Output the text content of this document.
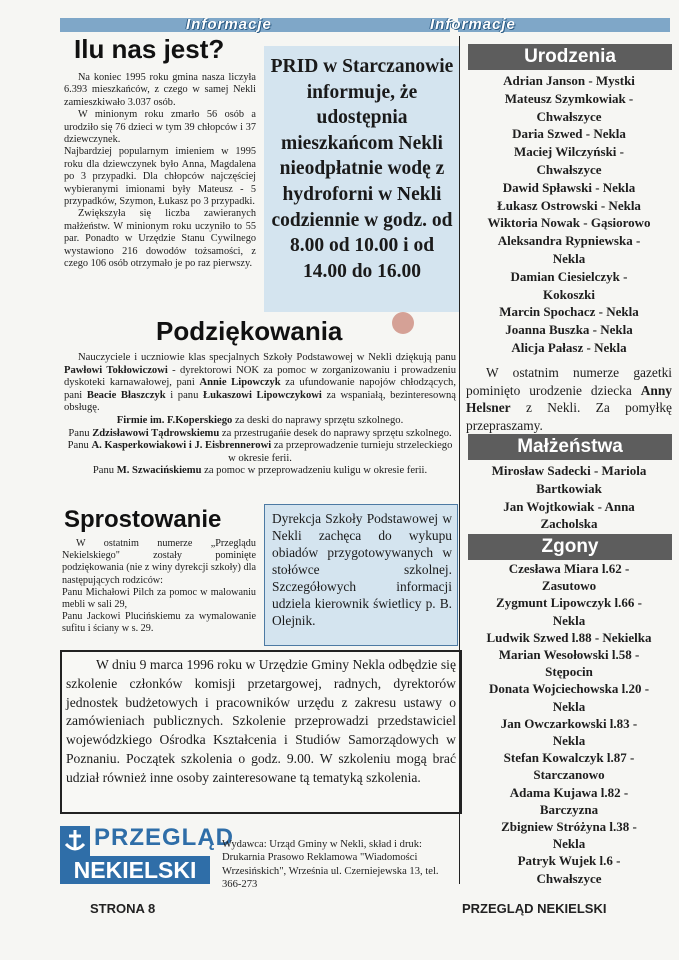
Informacje	Informacje
Ilu nas jest?

Na koniec 1995 roku gmina nasza liczyła 6.393 mieszkańców, z czego w samej Nekli zamieszkiwało 3.037 osób.

W minionym roku zmarło 56 osób a urodziło się 76 dzieci w tym 39 chłopców i 37 dziewczynek.

Najbardziej popularnym imieniem w 1995 roku dla dziewczynek było Anna, Magdalena po 3 przypadki. Dla chłopców najczęściej wybieranymi imionami były Mateusz - 5 przypadków, Szymon, Łukasz po 3 przypadki.

Zwiększyła się liczba zawieranych małżeństw. W minionym roku uczyniło to 55 par. Ponadto w Urzędzie Stanu Cywilnego wystawiono 216 dowodów tożsamości, z czego 106 osób otrzymało je po raz pierwszy.

PRID w Starczanowie informuje, że udostępnia mieszkańcom Nekli nieodpłatnie wodę z hydroforni w Nekli codziennie w godz. od 8.00 od 10.00 i od 14.00 do 16.00
Podziękowania

Nauczyciele i uczniowie klas specjalnych Szkoły Podstawowej w Nekli dziękują panu Pawłowi Tokłowiczowi - dyrektorowi NOK za pomoc w zorganizowaniu i prowadzeniu dyskoteki karnawałowej, pani Annie Lipowczyk za ufundowanie napojów chłodzących, pani Beacie Błaszczyk i panu Łukaszowi Lipowczykowi za wspaniałą, bezinteresowną obsługę.

Firmie im. F.Koperskiego za deski do naprawy sprzętu szkolnego.
Panu Zdzisławowi Tądrowskiemu za przestrugańie desek do naprawy sprzętu szkolnego.
Panu A. Kasperkowiakowi i J. Eisbrennerowi za przeprowadzenie turnieju strzeleckiego w okresie ferii.
Panu M. Szwacińskiemu za pomoc w przeprowadzeniu kuligu w okresie ferii.
Sprostowanie

W ostatnim numerze „Przeglądu Nekielskiego" zostały pominięte podziękowania (nie z winy dyrekcji szkoły) dla następujących rodziców:

Panu Michałowi Pilch za pomoc w malowaniu mebli w sali 29,
Panu Jackowi Plucińskiemu za wymalowanie sufitu i ściany w s. 29.
Dyrekcja Szkoły Podstawowej w Nekli zachęca do wykupu obiadów przygotowywanych w stołówce szkolnej. Szczegółowych informacji udziela kierownik świetlicy p. B. Olejnik.
W dniu 9 marca 1996 roku w Urzędzie Gminy Nekla odbędzie się szkolenie członków komisji przetargowej, radnych, dyrektorów jednostek budżetowych i pracowników urzędu z zakresu ustawy o zamówieniach publicznych. Szkolenie przeprowadzi przedstawiciel wojewódzkiego Ośrodka Kształcenia i Studiów Samorządowych w Poznaniu. Początek szkolenia o godz. 9.00. W szkoleniu mogą brać udział również inne osoby zainteresowane tą tematyką szkolenia.
PRZEGLĄD
NEKIELSKI
Wydawca: Urząd Gminy w Nekli, skład i druk: Drukarnia Prasowo Reklamowa "Wiadomości Wrzesińskich", Września ul. Czerniejewska 13, tel. 366-273
Urodzenia
Adrian Janson - Mystki
Mateusz Szymkowiak -
Chwałszyce
Daria Szwed - Nekla
Maciej Wilczyński -
Chwałszyce
Dawid Spławski - Nekla
Łukasz Ostrowski - Nekla
Wiktoria Nowak - Gąsiorowo
Aleksandra Rypniewska -
Nekla
Damian Ciesielczyk -
Kokoszki
Marcin Spochacz - Nekla
Joanna Buszka - Nekla
Alicja Pałasz - Nekla
W ostatnim numerze gazetki pominięto urodzenie dziecka Anny Helsner z Nekli. Za pomyłkę przepraszamy.
Małżeństwa
Mirosław Sadecki - Mariola
Bartkowiak
Jan Wojtkowiak - Anna
Zacholska
Zgony
Czesława Miara l.62 -
Zasutowo
Zygmunt Lipowczyk l.66 -
Nekla
Ludwik Szwed l.88 - Nekielka
Marian Wesołowski l.58 -
Stępocin
Donata Wojciechowska l.20 -
Nekla
Jan Owczarkowski l.83 -
Nekla
Stefan Kowalczyk l.87 -
Starczanowo
Adama Kujawa l.82 -
Barczyzna
Zbigniew Stróżyna l.38 -
Nekla
Patryk Wujek l.6 -
Chwałszyce
STRONA 8	PRZEGLĄD NEKIELSKI
